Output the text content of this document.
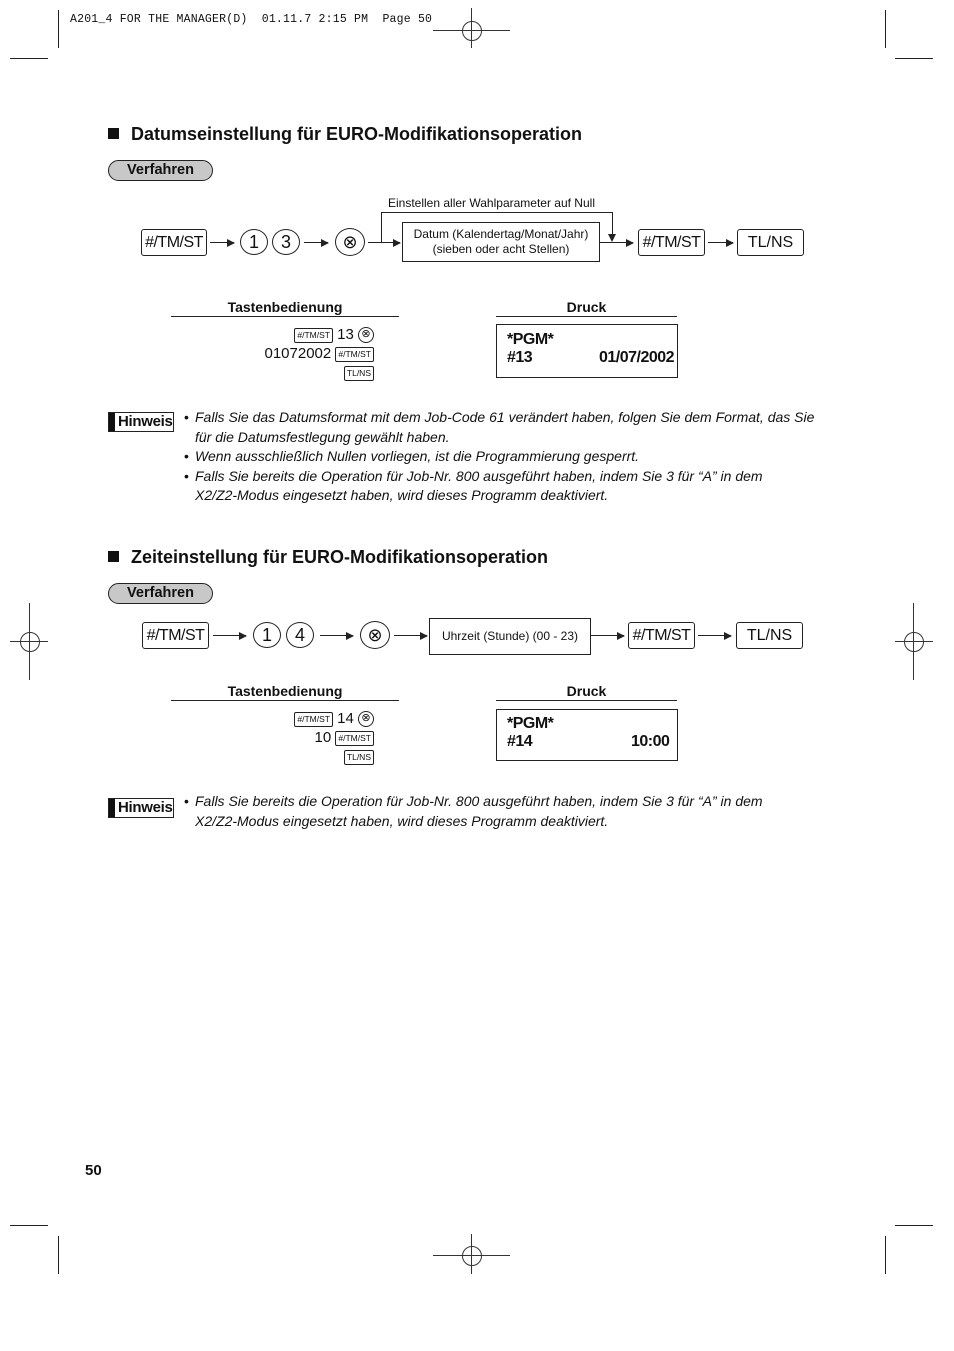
A201_4 FOR THE MANAGER(D)  01.11.7 2:15 PM  Page 50
Datumseinstellung für EURO-Modifikationsoperation
Verfahren
#/TM/ST	1	3	⊗
Einstellen aller Wahlparameter auf Null
Datum (Kalendertag/Monat/Jahr)
(sieben oder acht Stellen)	#/TM/ST	TL/NS
Tastenbedienung	Druck
#/TM/ST 13 ⊗
01072002 #/TM/ST
TL/NS
*PGM*
#13	01/07/2002
Hinweis	• Falls Sie das Datumsformat mit dem Job-Code 61 verändert haben, folgen Sie dem Format, das Sie für die Datumsfestlegung gewählt haben.
• Wenn ausschließlich Nullen vorliegen, ist die Programmierung gesperrt.
• Falls Sie bereits die Operation für Job-Nr. 800 ausgeführt haben, indem Sie 3 für “A” in dem X2/Z2-Modus eingesetzt haben, wird dieses Programm deaktiviert.
Zeiteinstellung für EURO-Modifikationsoperation
Verfahren
#/TM/ST	1	4	⊗	Uhrzeit (Stunde) (00 - 23)	#/TM/ST	TL/NS
Tastenbedienung	Druck
#/TM/ST 14 ⊗
10 #/TM/ST
TL/NS
*PGM*
#14	10:00
Hinweis	• Falls Sie bereits die Operation für Job-Nr. 800 ausgeführt haben, indem Sie 3 für “A” in dem X2/Z2-Modus eingesetzt haben, wird dieses Programm deaktiviert.
50
